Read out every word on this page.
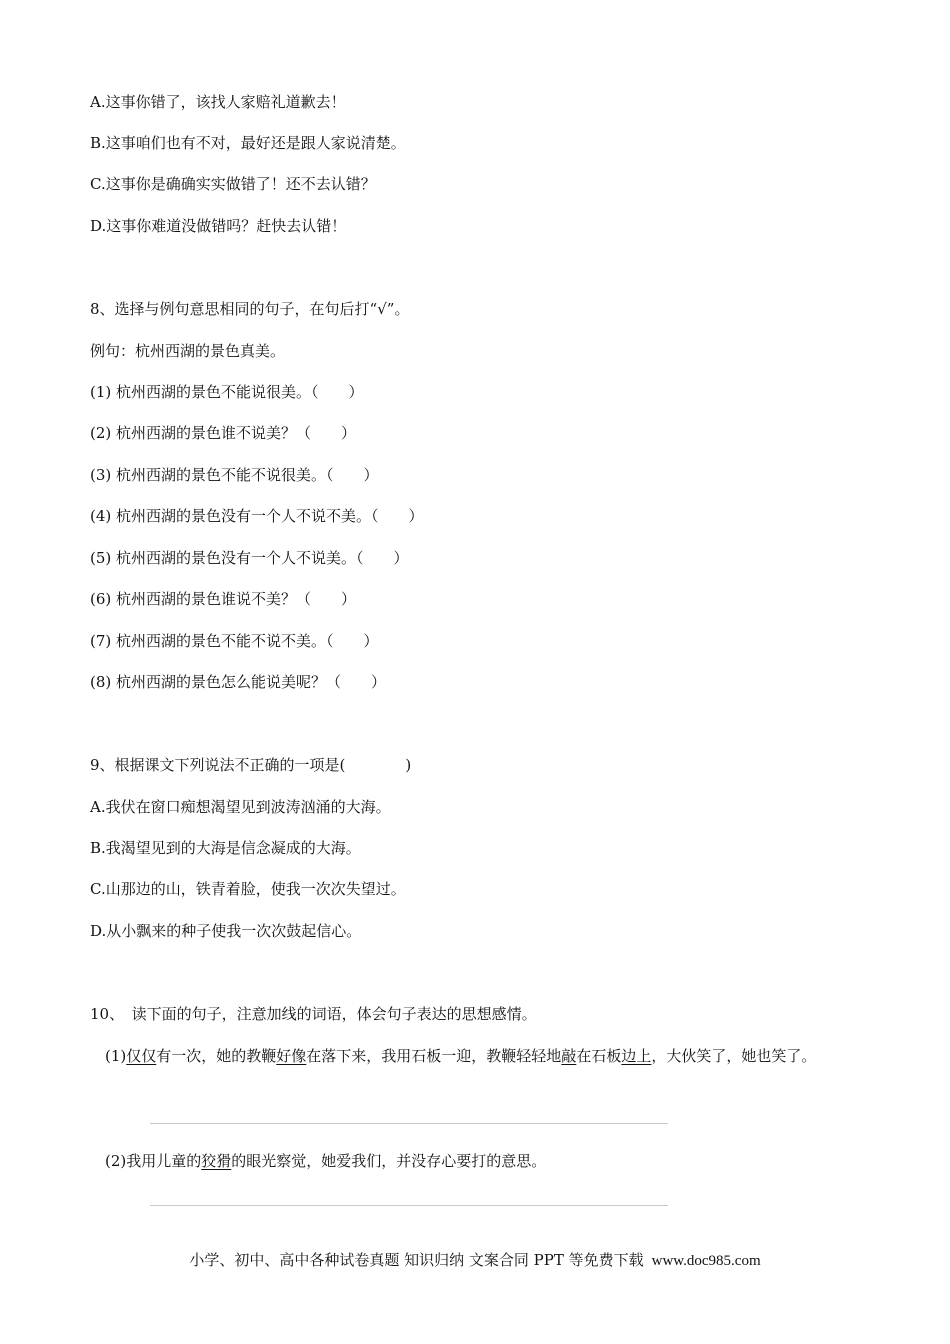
A.这事你错了，该找人家赔礼道歉去！
B.这事咱们也有不对，最好还是跟人家说清楚。
C.这事你是确确实实做错了！还不去认错？
D.这事你难道没做错吗？赶快去认错！
8、选择与例句意思相同的句子，在句后打“√”。
例句：杭州西湖的景色真美。
(1) 杭州西湖的景色不能说很美。（　　）
(2) 杭州西湖的景色谁不说美？（　　）
(3) 杭州西湖的景色不能不说很美。（　　）
(4) 杭州西湖的景色没有一个人不说不美。（　　）
(5) 杭州西湖的景色没有一个人不说美。（　　）
(6) 杭州西湖的景色谁说不美？（　　）
(7) 杭州西湖的景色不能不说不美。（　　）
(8) 杭州西湖的景色怎么能说美呢？（　　）
9、根据课文下列说法不正确的一项是(　　　　)
A.我伏在窗口痴想渴望见到波涛汹涌的大海。
B.我渴望见到的大海是信念凝成的大海。
C.山那边的山，铁青着脸，使我一次次失望过。
D.从小飘来的种子使我一次次鼓起信心。
10、　读下面的句子，注意加线的词语，体会句子表达的思想感情。
　(1)仅仅有一次，她的教鞭好像在落下来，我用石板一迎，教鞭轻轻地敲在石板边上，大伙笑了，她也笑了。
　(2)我用儿童的狡猾的眼光察觉，她爱我们，并没存心要打的意思。
小学、初中、高中各种试卷真题 知识归纳 文案合同 PPT 等免费下载 www.doc985.com
